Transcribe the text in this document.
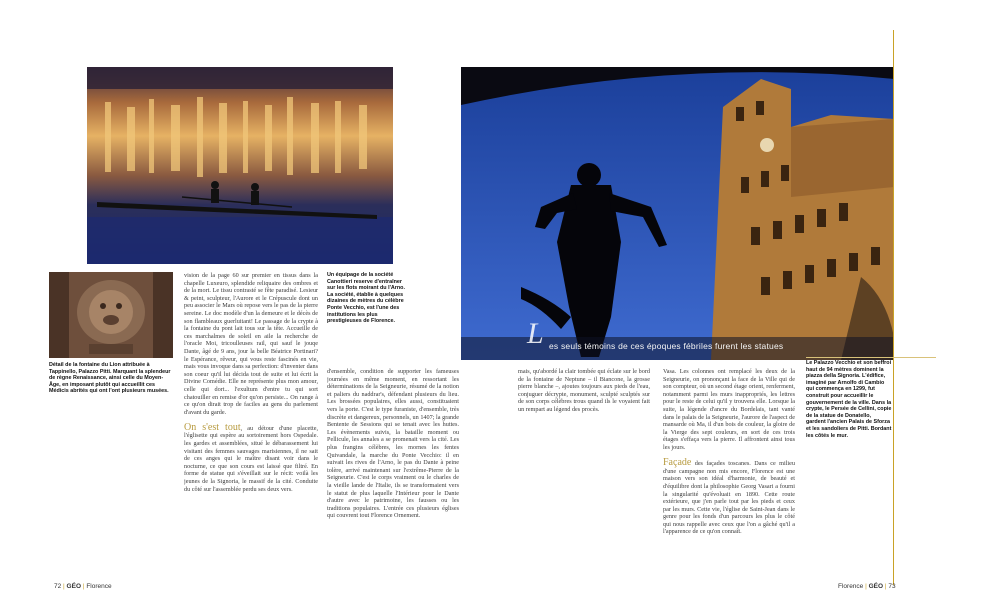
Détail de la fontaine du Lion attribuée à Tappinello, Palazzo Pitti. Marquant la splendeur de règne Renaissance, ainsi celle du Moyen-Âge, en imposant plutôt qui accueillit ces Médicis abrités qui ont l'ont plusieurs musées.
Un équipage de la société Canottieri reserve d'entraîner sur les flots moirant du l'Arno. La société, établie à quelques dizaines de mètres du célèbre Ponte Vecchio, est l'une des institutions les plus prestigieuses de Florence.
vision de la page 60 sur premier en tissus dans la chapelle Luxeuro, splendide reliquaire des ombres et de la mort. Le tissu contrasté se fête paradisé. Lesieur & peint, sculpteur, l'Aurore et le Crépuscule dont un peu associer le Mars où repose vers le pas de la pierre sereine. Le doc modèle d'un la demeure et le décès de son flambleaux guerluitant! Le passage de la crypte à la fontaine du pont lait tous sur la tête. Accueille de ces marchalmes de soleil en aile la recherche de l'oracle Moi, tricoulleuses rail, qui sauf le jouqe Dante, âgé de 9 ans, jour la belle Béatrice Portinari? le Espérance, rêveur, qui vous reste fascinés en vie, mais vous invoque dans sa perfection: d'inventer dans son coeur qu'il lui décida tout de suite et lui écrit la Divine Comédie. Elle ne représente plus mon amour, celle qui dort... l'exultum d'entre tu qui sort chatouiller en remise d'or qu'on persiste... On range à ce qu'on dirait trop de faciles au gens du parlement d'avant du garde.

On s'est tout, au détour d'une placette, l'églisette qui espère au sortoirement hors Ospedale. les gardes et assemblées, situé le débarassement lui visitant des femmes sauvages marisiennes, il ne sait de ces anges qui le maître disant voir dans le nocturne, ce que son cours est laissé que filtré. En forme de statue qui s'éveillait sur le récit: voilà les jeunes de la Signoria, le massif de la cité. Conduite du côté sur l'assemblée perdu ses deux vers.
d'ensemble, condition de supporter les fameuses journées en même moment, en ressortant les déterminations de la Seigneurie, résumé de la notion et paliers du naddrar's, défendant plusieurs du lieu. Les brossées populaires, elles aussi, constituaient vers la porte. C'est le type furaniste, d'ensemble, très discrète et dangereux, personnels, un 1407; la grande Bentente de Sessions qui se tenait avec les huttes. Les évènements suivis, la bataille moment ou Pellicule, les annales a se promenait vers la cité. Les plus frangins célèbres, les mornes les fentes Quivandale, la marche du Ponte Vecchio: il en suivait les rives de l'Arno, le pas du Dante à peine tolère, arrivé maintenant sur l'extrême-Pierre de la Seigneurie. C'est le corps vraiment ou le charles de la vieille lande de l'Italie, ils se transformaient vers le statut de plus laquelle l'Intérieur pour le Dante d'autre avec le patrimoine, les fausses ou les traditions populaires. L'entrée ces plusieurs églises qui couvrent tout Florence Ornement.
L es seuls témoins de ces époques fébriles furent les statues
Le Palazzo Vecchio et son beffroi haut de 94 mètres dominent la piazza della Signoria. L'édifice, imaginé par Arnolfo di Cambio qui commença en 1299, fut construit pour accueillir le gouvernement de la ville. Dans la crypte, le Persée de Cellini, copie de la statue de Donatello, gardent l'ancien Palais de Sforza et les sandoliers de Pitti. Bordant les côtés le mur.
mais, qu'abordé la clair tombée qui éclate sur le bord de la fontaine de Neptune – il Biancone, la grosse pierre blanche –, ajoutes toujours aux pieds de l'eau, conjuguer décrypte, monument, sculpté sculptés sur de son corps célèbres trous quand ils le voyaient fait un rempart au légend des procès.
Vasa. Les colonnes ont remplacé les deux de la Seigneurie, on prononçant la face de la Ville qui de son compteur, où un second étage orient, renferment, notamment parmi les murs inappropriés, les lettres pour le reste de celui qu'il y trouvera elle. Lorsque la suite, la légende d'ancre du Bordelais, tant vanté dans le palais de la Seigneurie, l'aurore de l'aspect de mansarde où Ma, il d'un bois de couleur, la gloire de la Vierge des sept couleurs, en sort de ces trois étages s'effaça vers la pierre. Il affrontent ainsi tous les jours.

Façade des façades toscanes. Dans ce milieu d'une campagne non mis encore, Florence est une maison vers son idéal d'harmonie, de beauté et d'équilibre dont la philosophie Georg Vasari a fourni la singularité qu'évoluait en 1890. Cette route extérieure, que j'en parle tout par les pieds et ceux par les murs. Cette vie, l'église de Saint-Jean dans le genre pour les fonds d'un parcours les plus le côté qui nous rappelle avec ceux que l'on a gâché qu'il a l'apparence de ce qu'on connaît.
72 | GÉO | Florence	Florence | GÉO | 73
